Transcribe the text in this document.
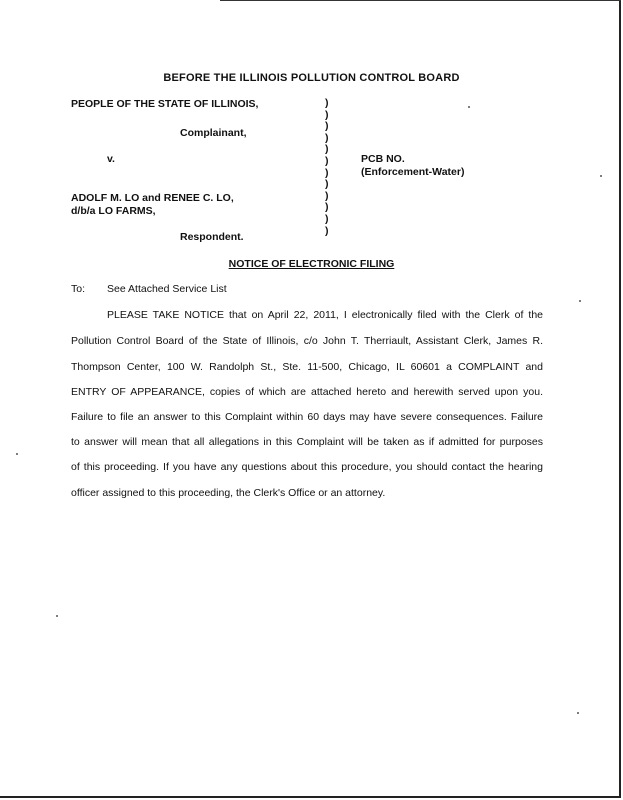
BEFORE THE ILLINOIS POLLUTION CONTROL BOARD
PEOPLE OF THE STATE OF ILLINOIS,
Complainant,
v.
ADOLF M. LO and RENEE C. LO,
d/b/a LO FARMS,
Respondent.
)
)
)
)
)
)
)
)
)
)
)
)
PCB NO.
(Enforcement-Water)
NOTICE OF ELECTRONIC FILING
To: See Attached Service List
PLEASE TAKE NOTICE that on April 22, 2011, I electronically filed with the Clerk of the
Pollution Control Board of the State of Illinois, c/o John T. Therriault, Assistant Clerk, James R.
Thompson Center, 100 W. Randolph St., Ste. 11-500, Chicago, IL 60601 a COMPLAINT and
ENTRY OF APPEARANCE, copies of which are attached hereto and herewith served upon you.
Failure to file an answer to this Complaint within 60 days may have severe consequences. Failure
to answer will mean that all allegations in this Complaint will be taken as if admitted for purposes
of this proceeding. If you have any questions about this procedure, you should contact the hearing
officer assigned to this proceeding, the Clerk's Office or an attorney.
